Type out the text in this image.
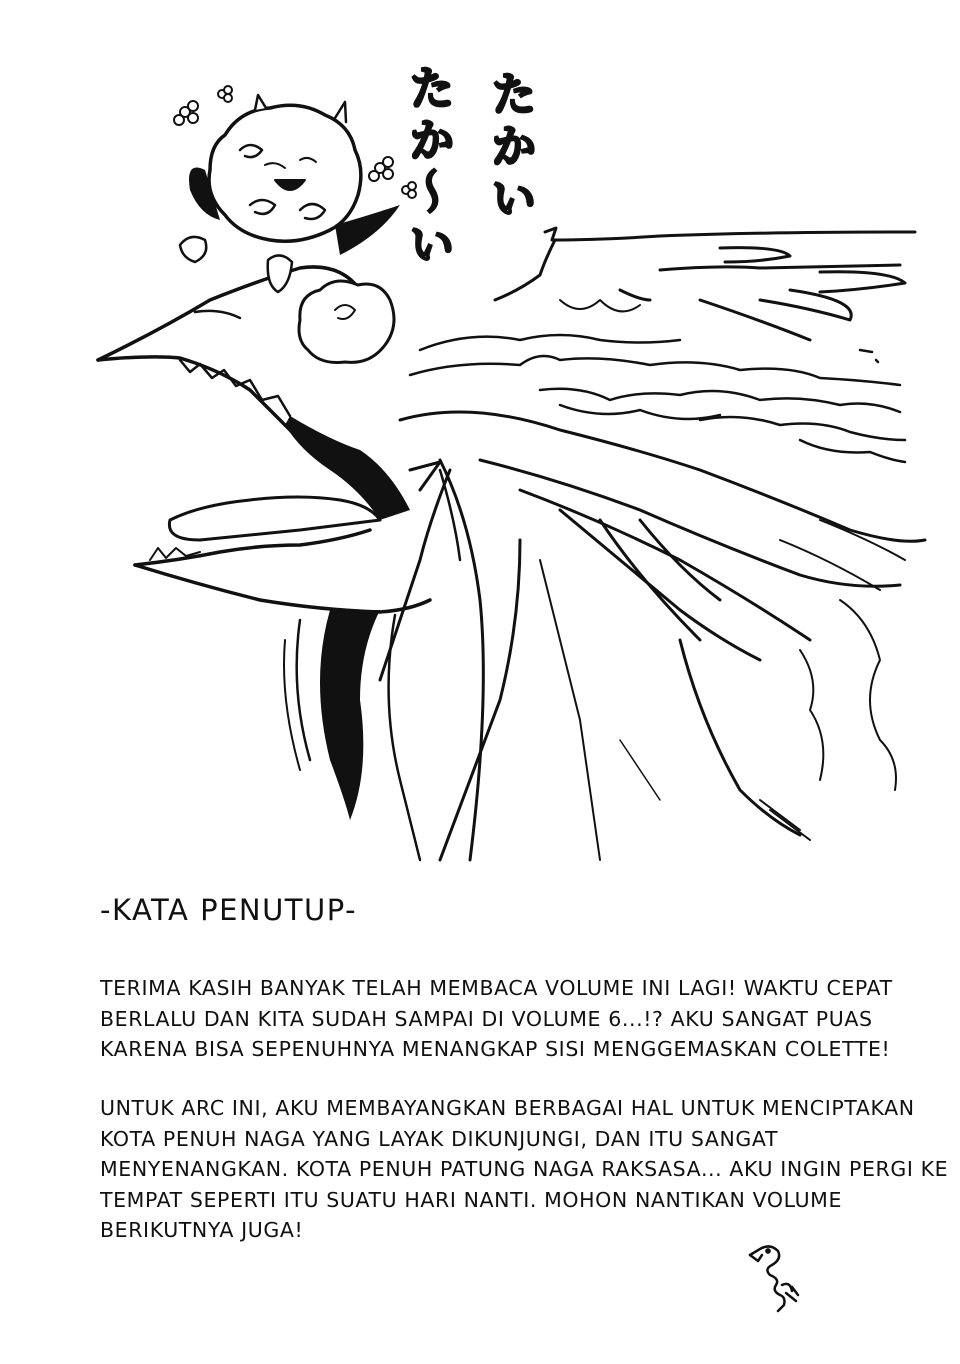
たかい
たか〜い
-KATA PENUTUP-
TERIMA KASIH BANYAK TELAH MEMBACA VOLUME INI LAGI! WAKTU CEPAT
BERLALU DAN KITA SUDAH SAMPAI DI VOLUME 6...!? AKU SANGAT PUAS
KARENA BISA SEPENUHNYA MENANGKAP SISI MENGGEMASKAN COLETTE!
UNTUK ARC INI, AKU MEMBAYANGKAN BERBAGAI HAL UNTUK MENCIPTAKAN
KOTA PENUH NAGA YANG LAYAK DIKUNJUNGI, DAN ITU SANGAT
MENYENANGKAN. KOTA PENUH PATUNG NAGA RAKSASA... AKU INGIN PERGI KE
TEMPAT SEPERTI ITU SUATU HARI NANTI. MOHON NANTIKAN VOLUME
BERIKUTNYA JUGA!
